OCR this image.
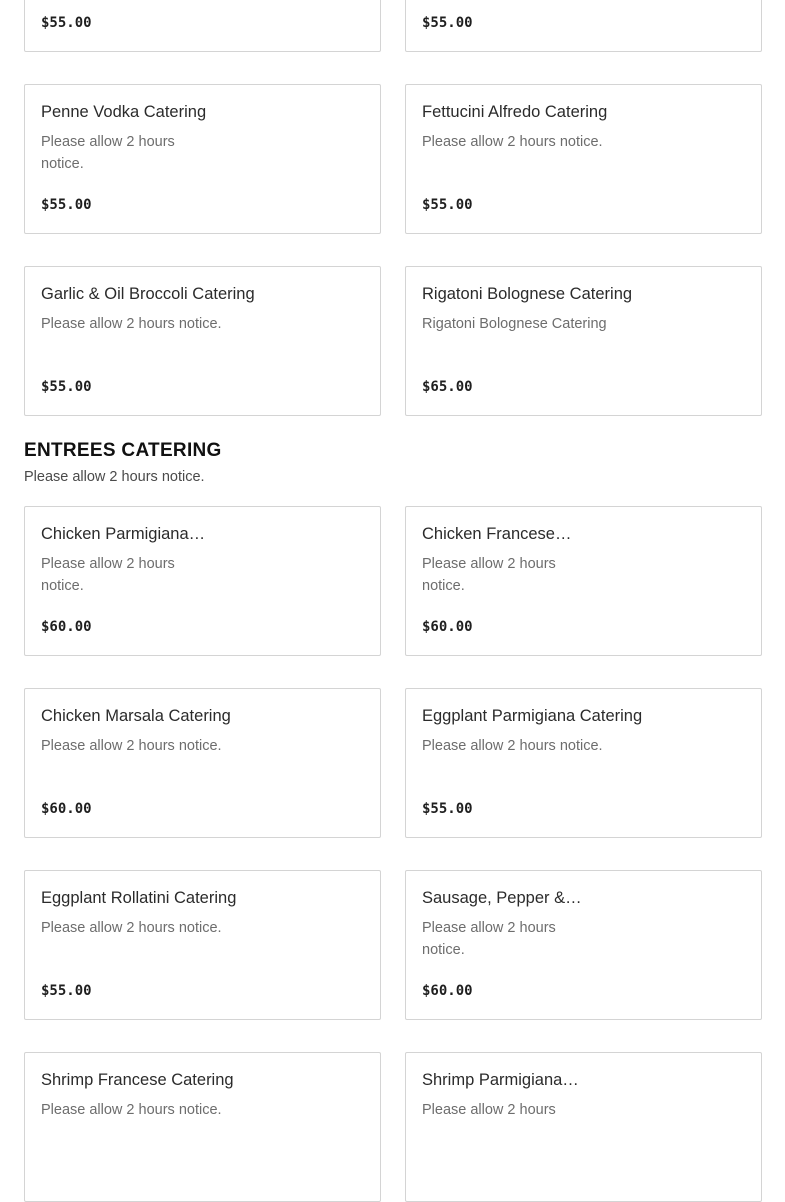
$55.00	$55.00
Penne Vodka Catering
Please allow 2 hours notice.
$55.00
Fettucini Alfredo Catering
Please allow 2 hours notice.
$55.00
Garlic & Oil Broccoli Catering
Please allow 2 hours notice.
$55.00
Rigatoni Bolognese Catering
Rigatoni Bolognese Catering
$65.00
ENTREES CATERING
Please allow 2 hours notice.
Chicken Parmigiana…
Please allow 2 hours notice.
$60.00
Chicken Francese…
Please allow 2 hours notice.
$60.00
Chicken Marsala Catering
Please allow 2 hours notice.
$60.00
Eggplant Parmigiana Catering
Please allow 2 hours notice.
$55.00
Eggplant Rollatini Catering
Please allow 2 hours notice.
$55.00
Sausage, Pepper &…
Please allow 2 hours notice.
$60.00
Shrimp Francese Catering
Please allow 2 hours notice.
Shrimp Parmigiana…
Please allow 2 hours
